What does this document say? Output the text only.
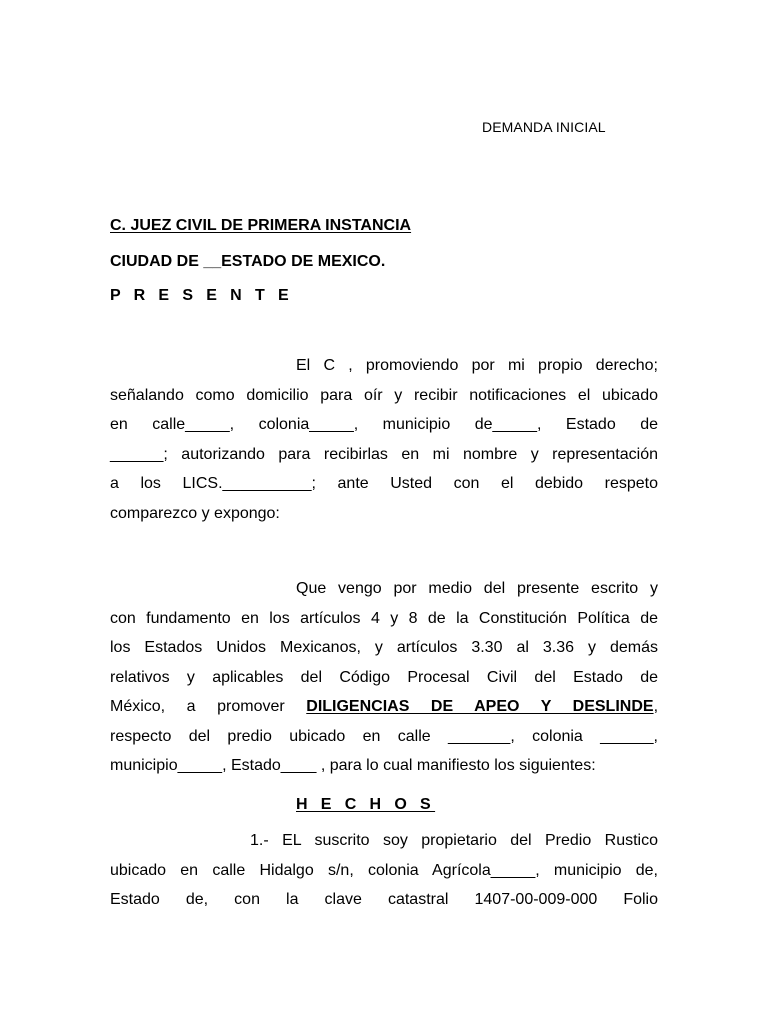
DEMANDA INICIAL

C. JUEZ CIVIL DE PRIMERA INSTANCIA

CIUDAD DE __ESTADO DE MEXICO.

P R E S E N T E

El C , promoviendo por mi propio derecho;
señalando como domicilio para oír y recibir notificaciones el ubicado
en calle_____, colonia_____, municipio de_____, Estado de
______; autorizando para recibirlas en mi nombre y representación
a los LICS.__________; ante Usted con el debido respeto
comparezco y expongo:
Que vengo por medio del presente escrito y
con fundamento en los artículos 4 y 8 de la Constitución Política de
los Estados Unidos Mexicanos, y artículos 3.30 al 3.36 y demás
relativos y aplicables del Código Procesal Civil del Estado de
México, a promover DILIGENCIAS DE APEO Y DESLINDE,
respecto del predio ubicado en calle _______, colonia ______,
municipio_____, Estado____ , para lo cual manifiesto los siguientes:
H E C H O S
1.- EL suscrito soy propietario del Predio Rustico
ubicado en calle Hidalgo s/n, colonia Agrícola_____, municipio de,
Estado de, con la clave catastral 1407-00-009-000 Folio
